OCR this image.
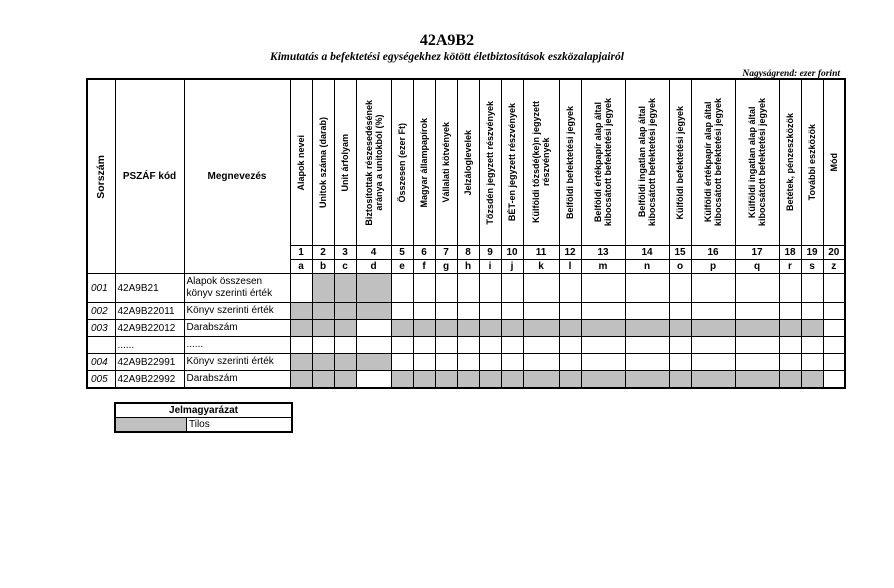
42A9B2
Kimutatás a befektetési egységekhez kötött életbiztosítások eszközalapjairól
Nagyságrend: ezer forint
Sorszám	PSZÁF kód	Megnevezés	Alapok nevei	Unitok száma (darab)	Unit árfolyam	Biztosítottak részesedésének
aránya a unitokból (%)	Összesen (ezer Ft)	Magyar állampapírok	Vállalati kötvények	Jelzáloglevelek	Tőzsdén jegyzett részvények	BÉT-en jegyzett részvények	Külföldi tőzsdé(ke)n jegyzett
részvények	Belföldi befektetési jegyek	Belföldi értékpapír alap által
kibocsátott befektetési jegyek	Belföldi ingatlan alap által
kibocsátott befektetési jegyek	Külföldi befektetési jegyek	Külföldi értékpapír alap által
kibocsátott befektetési jegyek	Külföldi ingatlan alap által
kibocsátott befektetési jegyek	Betétek, pénzeszközök	További eszközök	Mód

			1	2	3	4	5	6	7	8	9	10	11	12	13	14	15	16	17	18	19	20
			a	b	c	d	e	f	g	h	i	j	k	l	m	n	o	p	q	r	s	z
001	42A9B21	Alapok összesen
könyv szerinti érték																				
002	42A9B22011	Könyv szerinti érték																				
003	42A9B22012	Darabszám																				
	......	......																				
004	42A9B22991	Könyv szerinti érték																				
005	42A9B22992	Darabszám																				
Jelmagyarázat
	Tilos
